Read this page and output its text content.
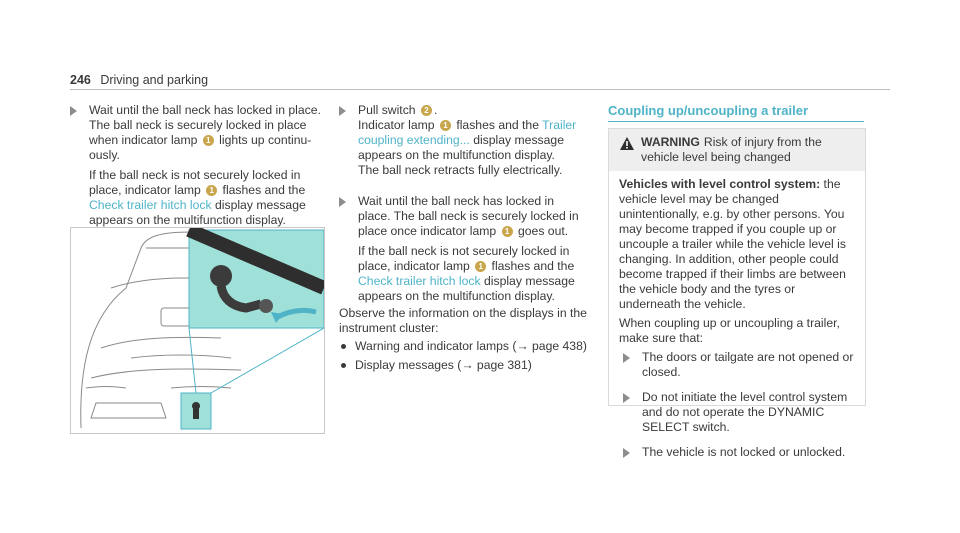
246 Driving and parking

Wait until the ball neck has locked in place. The ball neck is securely locked in place when indicator lamp 1 lights up continuously.

If the ball neck is not securely locked in place, indicator lamp 1 flashes and the Check trailer hitch lock display message appears on the multifunction display.

Pull switch 2 .

Indicator lamp 1 flashes and the Trailer coupling extending... display message appears on the multifunction display.

The ball neck retracts fully electrically.

Wait until the ball neck has locked in place. The ball neck is securely locked in place once indicator lamp 1 goes out.

If the ball neck is not securely locked in place, indicator lamp 1 flashes and the Check trailer hitch lock display message appears on the multifunction display.

Observe the information on the displays in the instrument cluster:

Warning and indicator lamps (→ page 438)
Display messages (→ page 381)
Coupling up/uncoupling a trailer
WARNING Risk of injury from the vehicle level being changed

Vehicles with level control system: the vehicle level may be changed unintentionally, e.g. by other persons. You may become trapped if you couple up or uncouple a trailer while the vehicle level is changing. In addition, other people could become trapped if their limbs are between the vehicle body and the tyres or underneath the vehicle.

When coupling up or uncoupling a trailer, make sure that:

The doors or tailgate are not opened or closed.

Do not initiate the level control system and do not operate the DYNAMIC SELECT switch.

The vehicle is not locked or unlocked.
